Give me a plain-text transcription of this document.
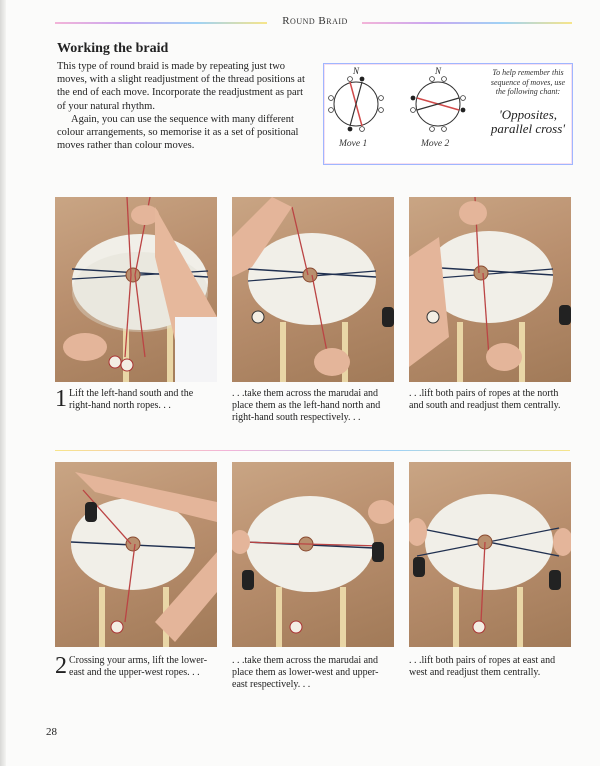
Round Braid
Working the braid

This type of round braid is made by repeating just two moves, with a slight readjustment of the thread positions at the end of each move. Incorporate the readjustment as part of your natural rhythm.

Again, you can use the sequence with many different colour arrangements, so memorise it as a set of positional moves rather than colour moves.

N	N
Move 1	Move 2
To help remember this sequence of moves, use the following chant:
'Opposites, parallel cross'
1 Lift the left-hand south and the right-hand north ropes. . .
. . .take them across the marudai and place them as the left-hand north and right-hand south respectively. . .
. . .lift both pairs of ropes at the north and south and readjust them centrally.
2 Crossing your arms, lift the lower-east and the upper-west ropes. . .
. . .take them across the marudai and place them as lower-west and upper-east respectively. . .
. . .lift both pairs of ropes at east and west and readjust them centrally.
28
